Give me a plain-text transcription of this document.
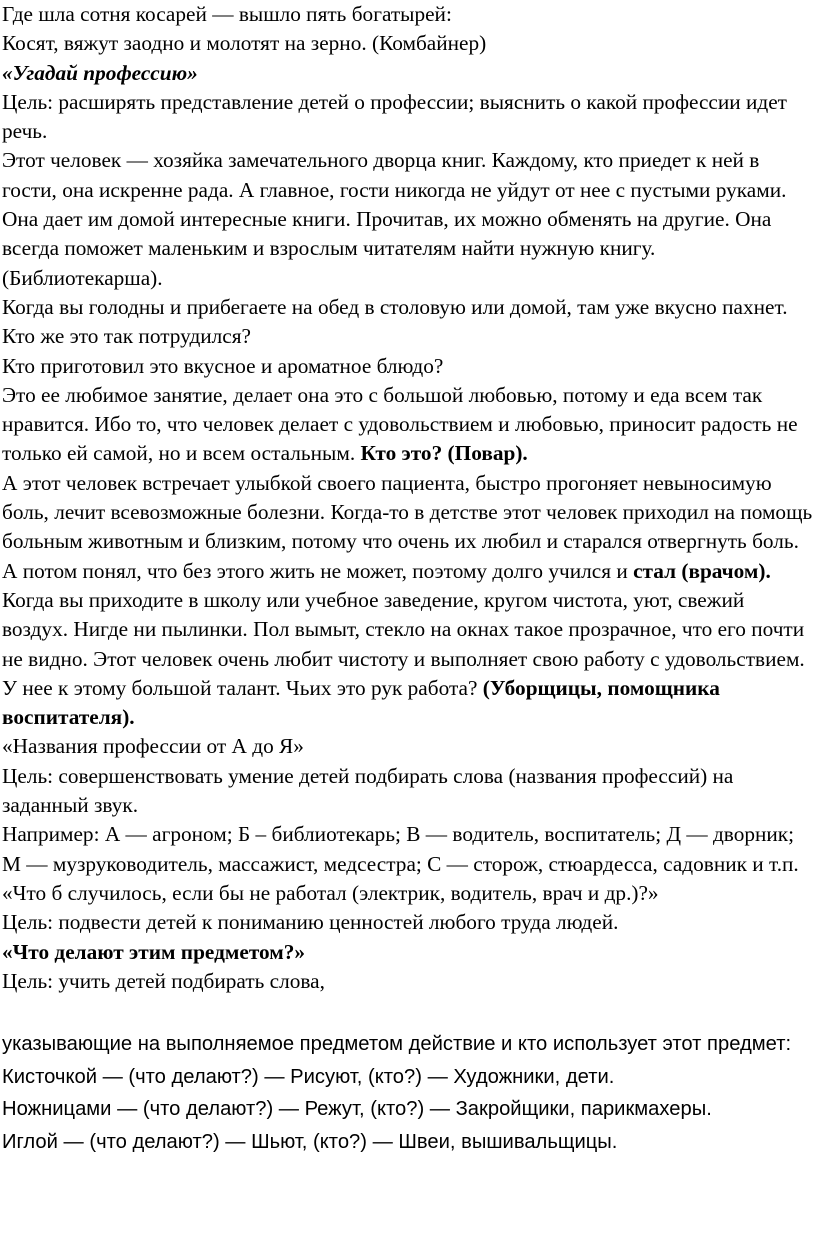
Где шла сотня косарей — вышло пять богатырей:

Косят, вяжут заодно и молотят на зерно. (Комбайнер)

«Угадай профессию»

Цель: расширять представление детей о профессии; выяснить о какой профессии идет речь.

Этот человек — хозяйка замечательного дворца книг. Каждому, кто приедет к ней в гости, она искренне рада. А главное, гости никогда не уйдут от нее с пустыми руками. Она дает им домой интересные книги. Прочитав, их можно обменять на другие. Она всегда поможет маленьким и взрослым читателям найти нужную книгу. (Библиотекарша).

Когда вы голодны и прибегаете на обед в столовую или домой, там уже вкусно пахнет.

Кто же это так потрудился?

Кто приготовил это вкусное и ароматное блюдо?

Это ее любимое занятие, делает она это с большой любовью, потому и еда всем так нравится. Ибо то, что человек делает с удовольствием и любовью, приносит радость не только ей самой, но и всем остальным. Кто это? (Повар).

А этот человек встречает улыбкой своего пациента, быстро прогоняет невыносимую боль, лечит всевозможные болезни. Когда-то в детстве этот человек приходил на помощь больным животным и близким, потому что очень их любил и старался отвергнуть боль. А потом понял, что без этого жить не может, поэтому долго учился и стал (врачом).

Когда вы приходите в школу или учебное заведение, кругом чистота, уют, свежий воздух. Нигде ни пылинки. Пол вымыт, стекло на окнах такое прозрачное, что его почти не видно. Этот человек очень любит чистоту и выполняет свою работу с удовольствием. У нее к этому большой талант. Чьих это рук работа? (Уборщицы, помощника воспитателя).

«Названия профессии от А до Я»

Цель: совершенствовать умение детей подбирать слова (названия профессий) на заданный звук.

Например: А — агроном; Б – библиотекарь; В — водитель, воспитатель; Д — дворник; М — музруководитель, массажист, медсестра; С — сторож, стюардесса, садовник и т.п.

«Что б случилось, если бы не работал (электрик, водитель, врач и др.)?»

Цель: подвести детей к пониманию ценностей любого труда людей.

«Что делают этим предметом?»

Цель: учить детей подбирать слова,

указывающие на выполняемое предметом действие и кто использует этот предмет:

Кисточкой — (что делают?) — Рисуют, (кто?) — Художники, дети.

Ножницами — (что делают?) — Режут, (кто?) — Закройщики, парикмахеры.

Иглой — (что делают?) — Шьют, (кто?) — Швеи, вышивальщицы.
